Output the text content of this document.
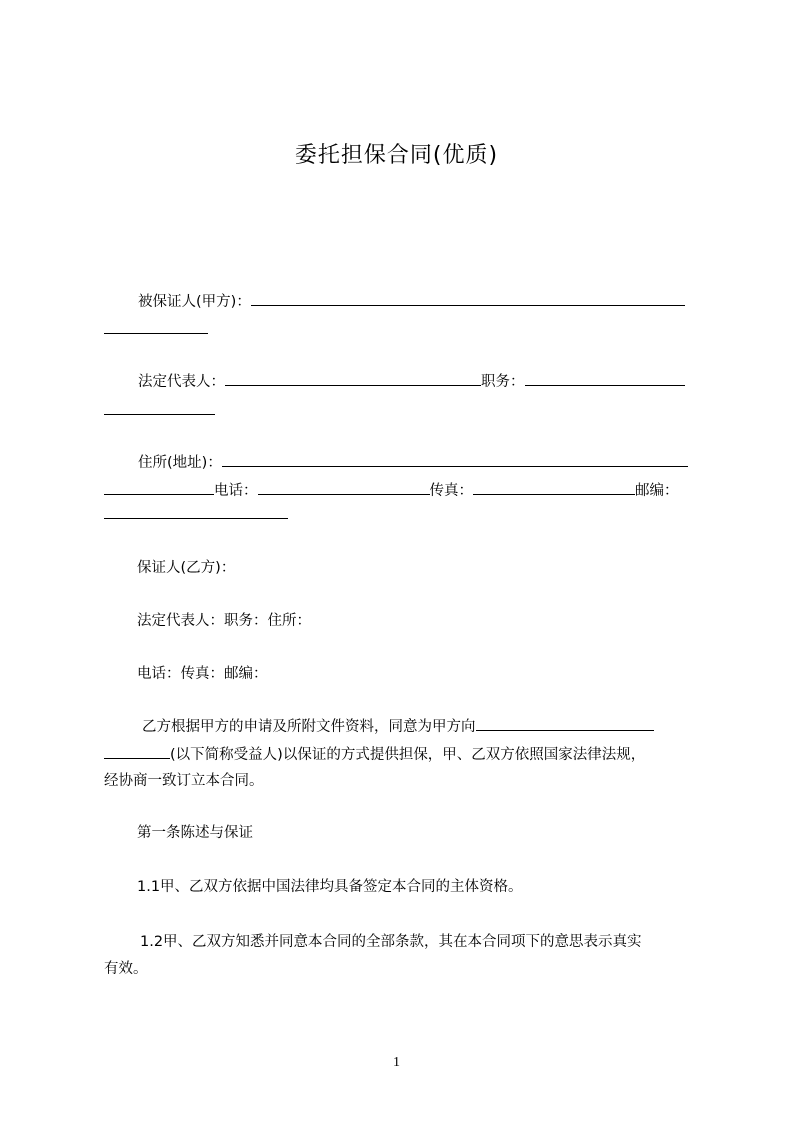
委托担保合同(优质)
被保证人(甲方)：
法定代表人：	职务：
住所(地址)：
电话：	传真：	邮编：
保证人(乙方)：
法定代表人：职务：住所：
电话：传真：邮编：
乙方根据甲方的申请及所附文件资料，同意为甲方向
(以下简称受益人)以保证的方式提供担保，甲、乙双方依照国家法律法规，
经协商一致订立本合同。
第一条陈述与保证
1.1甲、乙双方依据中国法律均具备签定本合同的主体资格。
1.2甲、乙双方知悉并同意本合同的全部条款，其在本合同项下的意思表示真实
有效。
1
